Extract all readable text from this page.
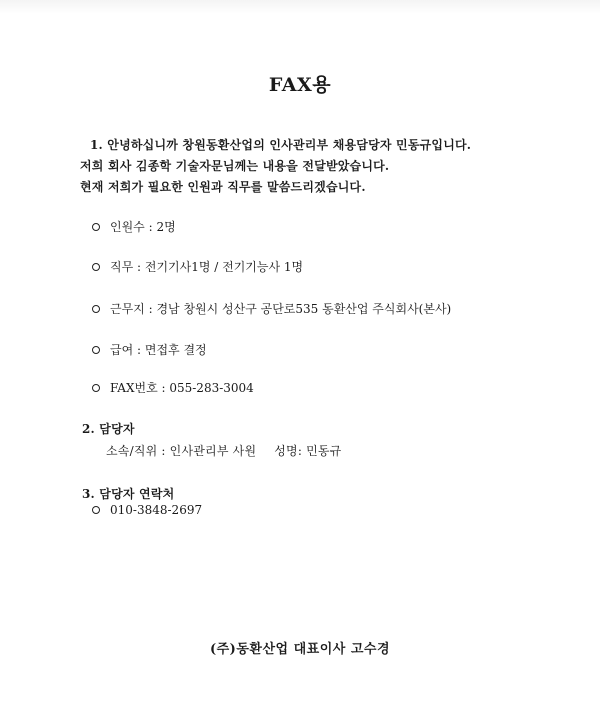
FAX용
1. 안녕하십니까 창원동환산업의 인사관리부 채용담당자 민동규입니다.
저희 회사 김종학 기술자문님께는 내용을 전달받았습니다.
현재 저희가 필요한 인원과 직무를 말씀드리겠습니다.
인원수 : 2명
직무 : 전기기사1명 / 전기기능사 1명
근무지 : 경남 창원시 성산구 공단로535 동환산업 주식회사(본사)
급여 : 면접후 결정
FAX번호 : 055-283-3004
2. 담당자
소속/직위 : 인사관리부 사원 성명: 민동규
3. 담당자 연락처
010-3848-2697
(주)동환산업 대표이사 고수경
